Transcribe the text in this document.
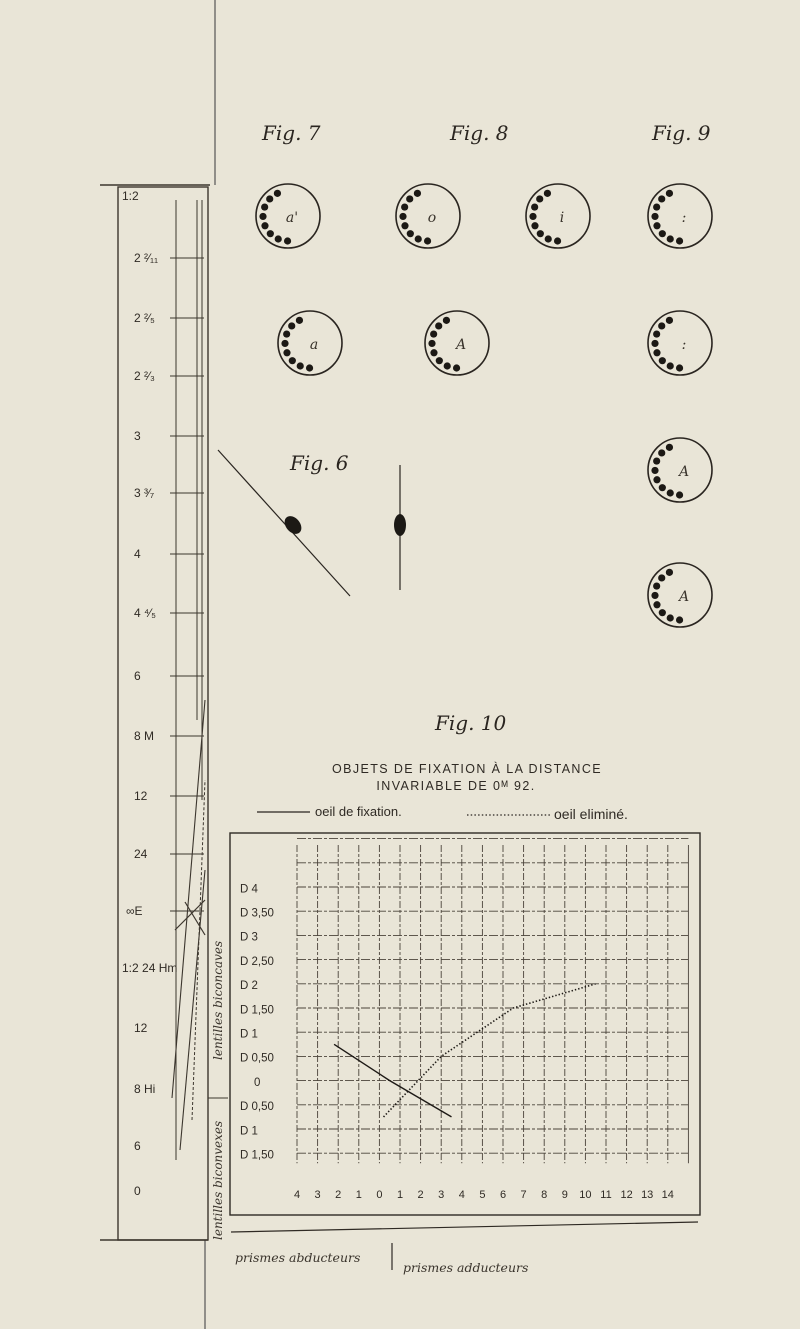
Fig. 7	Fig. 8	Fig. 9
1:2
2 ²⁄₁₁
2 ²⁄₅
2 ²⁄₃
3
3 ³⁄₇
4
4 ⁴⁄₅
6
8 M
12
24
∞E
1:2 24 Hm
12
8 Hi
6
0
lentilles biconcaves
lentilles biconvexes
a'	o	i	:
a	A	:
A
A
Fig. 6
Fig. 10
OBJETS DE FIXATION À LA DISTANCE
INVARIABLE DE 0ᴹ 92.
oeil de fixation.	oeil eliminé.
D 4
D 3,50
D 3
D 2,50
D 2
D 1,50
D 1
D 0,50
0
D 0,50
D 1
D 1,50
4 3 2 1 0 1 2 3 4 5 6 7 8 9 10 11 12 13 14
prismes abducteurs
prismes adducteurs
